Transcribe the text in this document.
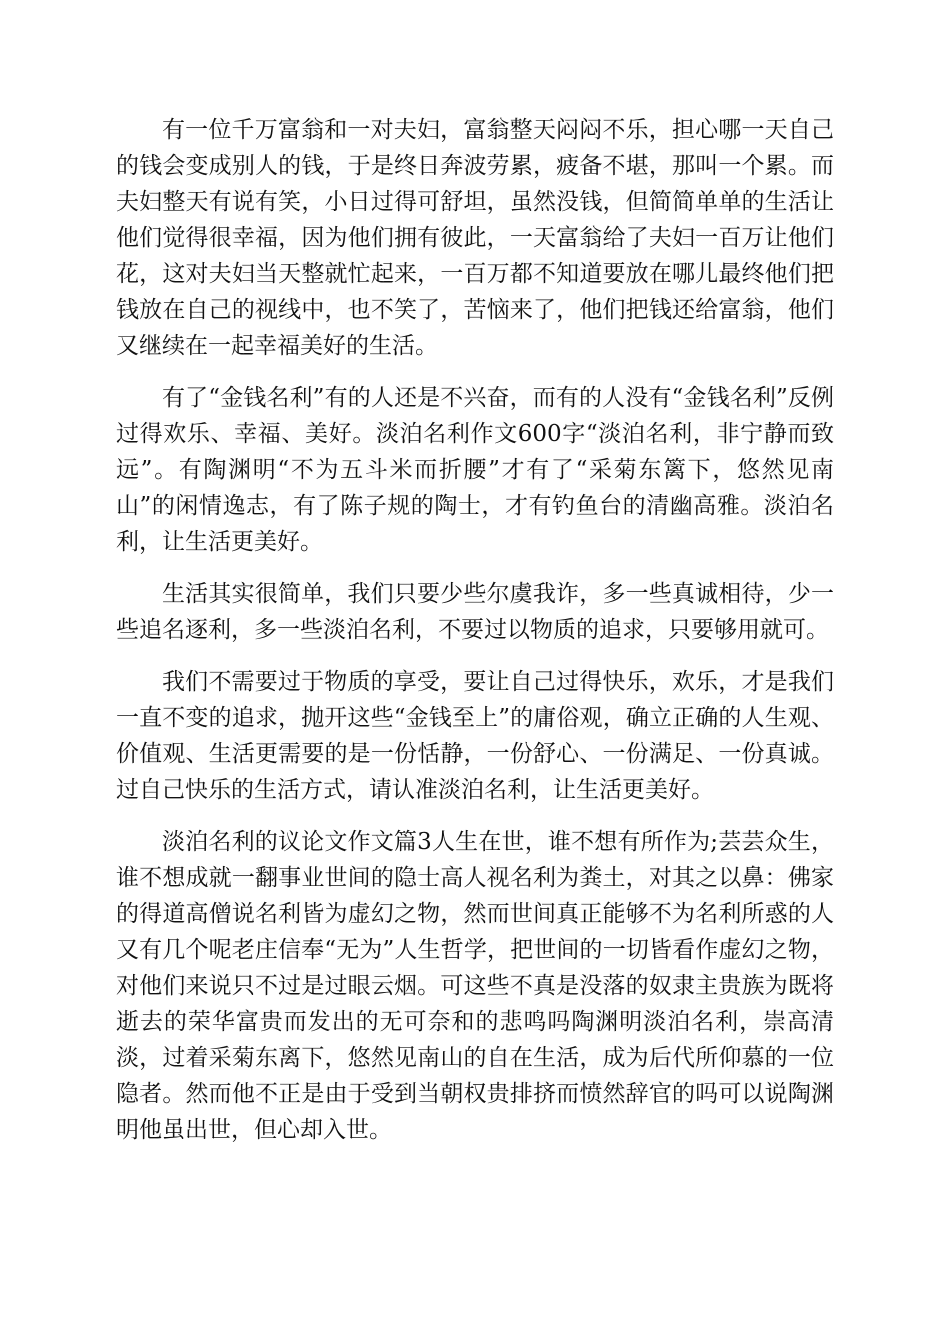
有一位千万富翁和一对夫妇，富翁整天闷闷不乐，担心哪一天自己的钱会变成别人的钱，于是终日奔波劳累，疲备不堪，那叫一个累。而夫妇整天有说有笑，小日过得可舒坦，虽然没钱，但简简单单的生活让他们觉得很幸福，因为他们拥有彼此，一天富翁给了夫妇一百万让他们花，这对夫妇当天整就忙起来，一百万都不知道要放在哪儿最终他们把钱放在自己的视线中，也不笑了，苦恼来了，他们把钱还给富翁，他们又继续在一起幸福美好的生活。

有了“金钱名利”有的人还是不兴奋，而有的人没有“金钱名利”反例过得欢乐、幸福、美好。淡泊名利作文600字“淡泊名利，非宁静而致远”。有陶渊明“不为五斗米而折腰”才有了“采菊东篱下，悠然见南山”的闲情逸志，有了陈子规的陶士，才有钓鱼台的清幽高雅。淡泊名利，让生活更美好。

生活其实很简单，我们只要少些尔虞我诈，多一些真诚相待，少一些追名逐利，多一些淡泊名利，不要过以物质的追求，只要够用就可。

我们不需要过于物质的享受，要让自己过得快乐，欢乐，才是我们一直不变的追求，抛开这些“金钱至上”的庸俗观，确立正确的人生观、价值观、生活更需要的是一份恬静，一份舒心、一份满足、一份真诚。过自己快乐的生活方式，请认准淡泊名利，让生活更美好。

淡泊名利的议论文作文篇3人生在世，谁不想有所作为;芸芸众生，谁不想成就一翻事业世间的隐士高人视名利为粪土，对其之以鼻：佛家的得道高僧说名利皆为虚幻之物，然而世间真正能够不为名利所惑的人又有几个呢老庄信奉“无为”人生哲学，把世间的一切皆看作虚幻之物，对他们来说只不过是过眼云烟。可这些不真是没落的奴隶主贵族为既将逝去的荣华富贵而发出的无可奈和的悲鸣吗陶渊明淡泊名利，崇高清淡，过着采菊东离下，悠然见南山的自在生活，成为后代所仰慕的一位隐者。然而他不正是由于受到当朝权贵排挤而愤然辞官的吗可以说陶渊明他虽出世，但心却入世。
